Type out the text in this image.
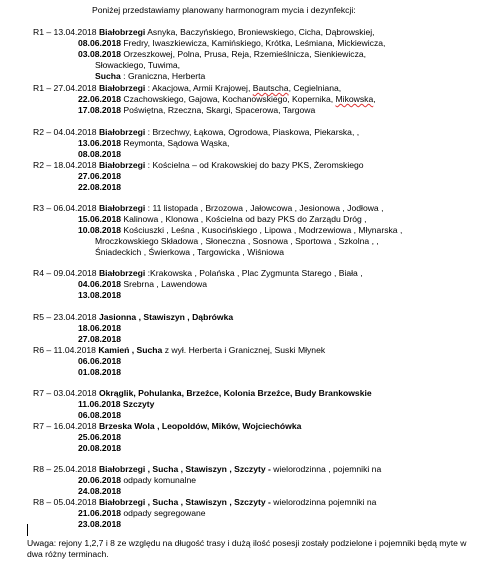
Poniżej przedstawiamy planowany harmonogram mycia i dezynfekcji:
R1 – 13.04.2018 Białobrzegi Asnyka, Baczyńskiego, Broniewskiego, Cicha, Dąbrowskiej,
08.06.2018 Fredry, Iwaszkiewicza, Kamińskiego, Krótka, Leśmiana, Mickiewicza,
03.08.2018 Orzeszkowej, Polna, Prusa, Reja, Rzemieślnicza, Sienkiewicza,
Słowackiego, Tuwima,
Sucha : Graniczna, Herberta
R1 – 27.04.2018 Białobrzegi : Akacjowa, Armii Krajowej, Bautscha, Cegielniana,
22.06.2018 Czachowskiego, Gajowa, Kochanowskiego, Kopernika, Mikowska,
17.08.2018 Poświętna, Rzeczna, Skargi, Spacerowa, Targowa
R2 – 04.04.2018 Białobrzegi : Brzechwy, Łąkowa, Ogrodowa, Piaskowa, Piekarska, ,
13.06.2018 Reymonta, Sądowa Wąska,
08.08.2018
R2 – 18.04.2018 Białobrzegi : Kościelna – od Krakowskiej do bazy PKS, Żeromskiego
27.06.2018
22.08.2018
R3 – 06.04.2018 Białobrzegi : 11 listopada , Brzozowa , Jałowcowa , Jesionowa , Jodłowa ,
15.06.2018 Kalinowa , Klonowa , Kościelna od bazy PKS do Zarządu Dróg ,
10.08.2018 Kościuszki , Leśna , Kusocińskiego , Lipowa , Modrzewiowa , Młynarska ,
Mroczkowskiego Składowa , Słoneczna , Sosnowa , Sportowa , Szkolna , ,
Śniadeckich , Świerkowa , Targowicka , Wiśniowa
R4 – 09.04.2018 Białobrzegi :Krakowska , Polańska , Plac Zygmunta Starego , Biała ,
04.06.2018 Srebrna , Lawendowa
13.08.2018
R5 – 23.04.2018 Jasionna , Stawiszyn , Dąbrówka
18.06.2018
27.08.2018
R6 – 11.04.2018 Kamień , Sucha z wył. Herberta i Granicznej, Suski Młynek
06.06.2018
01.08.2018
R7 – 03.04.2018 Okrąglik, Pohulanka, Brzeźce, Kolonia Brzeźce, Budy Brankowskie
11.06.2018 Szczyty
06.08.2018
R7 – 16.04.2018 Brzeska Wola , Leopoldów, Mików, Wojciechówka
25.06.2018
20.08.2018
R8 – 25.04.2018 Białobrzegi , Sucha , Stawiszyn , Szczyty - wielorodzinna , pojemniki na
20.06.2018 odpady komunalne
24.08.2018
R8 – 05.04.2018 Białobrzegi , Sucha , Stawiszyn , Szczyty - wielorodzinna pojemniki na
21.06.2018 odpady segregowane
23.08.2018
Uwaga: rejony 1,2,7 i 8 ze względu na długość trasy i dużą ilość posesji zostały podzielone i pojemniki będą myte w dwa różny terminach.
